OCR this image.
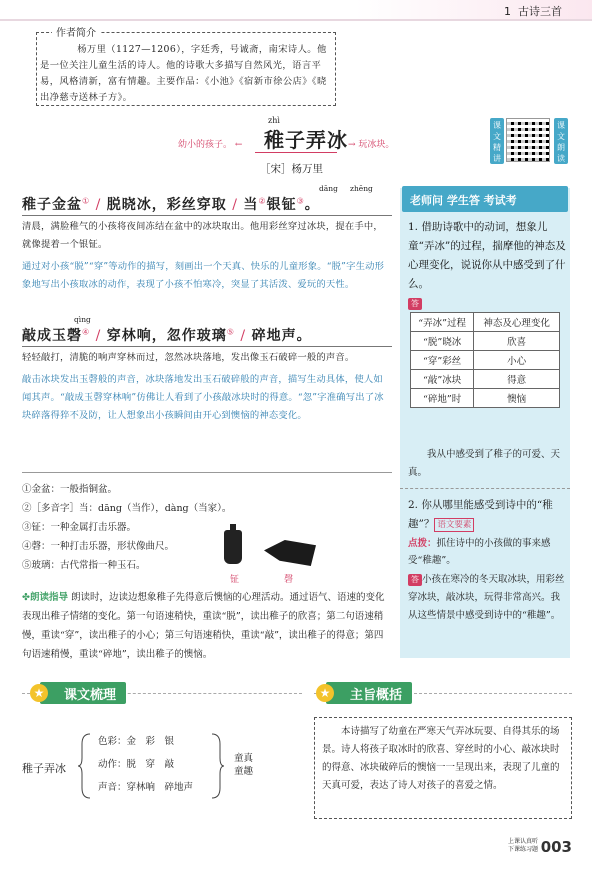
1 古诗三首
作者简介
杨万里（1127—1206），字廷秀，号诚斋，南宋诗人。他是一位关注儿童生活的诗人。他的诗歌大多描写自然风光，语言平易，风格清新，富有情趣。主要作品：《小池》《宿新市徐公店》《晓出净慈寺送林子方》。
课文精讲
课文朗读
zhì
稚子弄冰
幼小的孩子。 ←	→ 玩冰块。
［宋］杨万里
dāng zhēng
稚子金盆① / 脱晓冰，彩丝穿取 / 当②银钲③。
清晨，满脸稚气的小孩将夜间冻结在盆中的冰块取出。他用彩丝穿过冰块，提在手中，就像提着一个银钲。
通过对小孩“脱”“穿”等动作的描写，刻画出一个天真、快乐的儿童形象。“脱”字生动形象地写出小孩取冰的动作，表现了小孩不怕寒冷，突显了其活泼、爱玩的天性。
qìng
敲成玉磬④ / 穿林响，忽作玻璃⑤ / 碎地声。
轻轻敲打，清脆的响声穿林而过，忽然冰块落地，发出像玉石破碎一般的声音。
敲击冰块发出玉磬般的声音，冰块落地发出玉石破碎般的声音，描写生动具体，使人如闻其声。“敲成玉磬穿林响”仿佛让人看到了小孩敲冰块时的得意。“忽”字准确写出了冰块碎落得猝不及防，让人想象出小孩瞬间由开心到懊恼的神态变化。
①金盆：一般指铜盆。
②［多音字］当：dāng（当作），dàng（当家）。
③钲：一种金属打击乐器。
④磬：一种打击乐器，形状像曲尺。
⑤玻璃：古代常指一种玉石。
钲	磬
✤朗读指导 朗读时，边读边想象稚子先得意后懊恼的心理活动。通过语气、语速的变化表现出稚子情绪的变化。第一句语速稍快，重读“脱”，读出稚子的欣喜；第二句语速稍慢，重读“穿”，读出稚子的小心；第三句语速稍快，重读“敲”，读出稚子的得意；第四句语速稍慢，重读“碎地”，读出稚子的懊恼。
老师问 学生答 考试考
1. 借助诗歌中的动词，想象儿童“弄冰”的过程，揣摩他的神态及心理变化，说说你从中感受到了什么。
答
“弄冰”过程	神态及心理变化
“脱”晓冰	欣喜
“穿”彩丝	小心
“敲”冰块	得意
“碎地”时	懊恼
我从中感受到了稚子的可爱、天真。
2. 你从哪里能感受到诗中的“稚趣”？ 语文要素
点拨：抓住诗中的小孩做的事来感受“稚趣”。
答 小孩在寒冷的冬天取冰块，用彩丝穿冰块，敲冰块，玩得非常高兴。我从这些情景中感受到诗中的“稚趣”。
课文梳理
★	主旨概括
★
稚子弄冰
色彩：金　彩　银
动作：脱　穿　敲
声音：穿林响　碎地声
童真
童趣
本诗描写了幼童在严寒天气弄冰玩耍、自得其乐的场景。诗人将孩子取冰时的欣喜、穿丝时的小心、敲冰块时的得意、冰块破碎后的懊恼一一呈现出来，表现了儿童的天真可爱，表达了诗人对孩子的喜爱之情。
上课认真听
下课练习题 003
